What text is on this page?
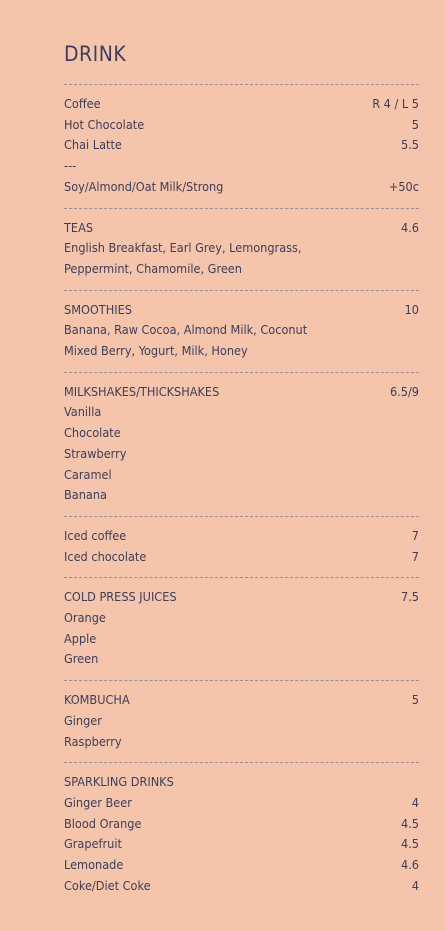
DRINK
Coffee	R 4 / L 5
Hot Chocolate	5
Chai Latte	5.5
---
Soy/Almond/Oat Milk/Strong	+50c
TEAS	4.6
English Breakfast, Earl Grey, Lemongrass,
Peppermint, Chamomile, Green
SMOOTHIES	10
Banana, Raw Cocoa, Almond Milk, Coconut
Mixed Berry, Yogurt, Milk, Honey
MILKSHAKES/THICKSHAKES	6.5/9
Vanilla
Chocolate
Strawberry
Caramel
Banana
Iced coffee	7
Iced chocolate	7
COLD PRESS JUICES	7.5
Orange
Apple
Green
KOMBUCHA	5
Ginger
Raspberry
SPARKLING DRINKS
Ginger Beer	4
Blood Orange	4.5
Grapefruit	4.5
Lemonade	4.6
Coke/Diet Coke	4
